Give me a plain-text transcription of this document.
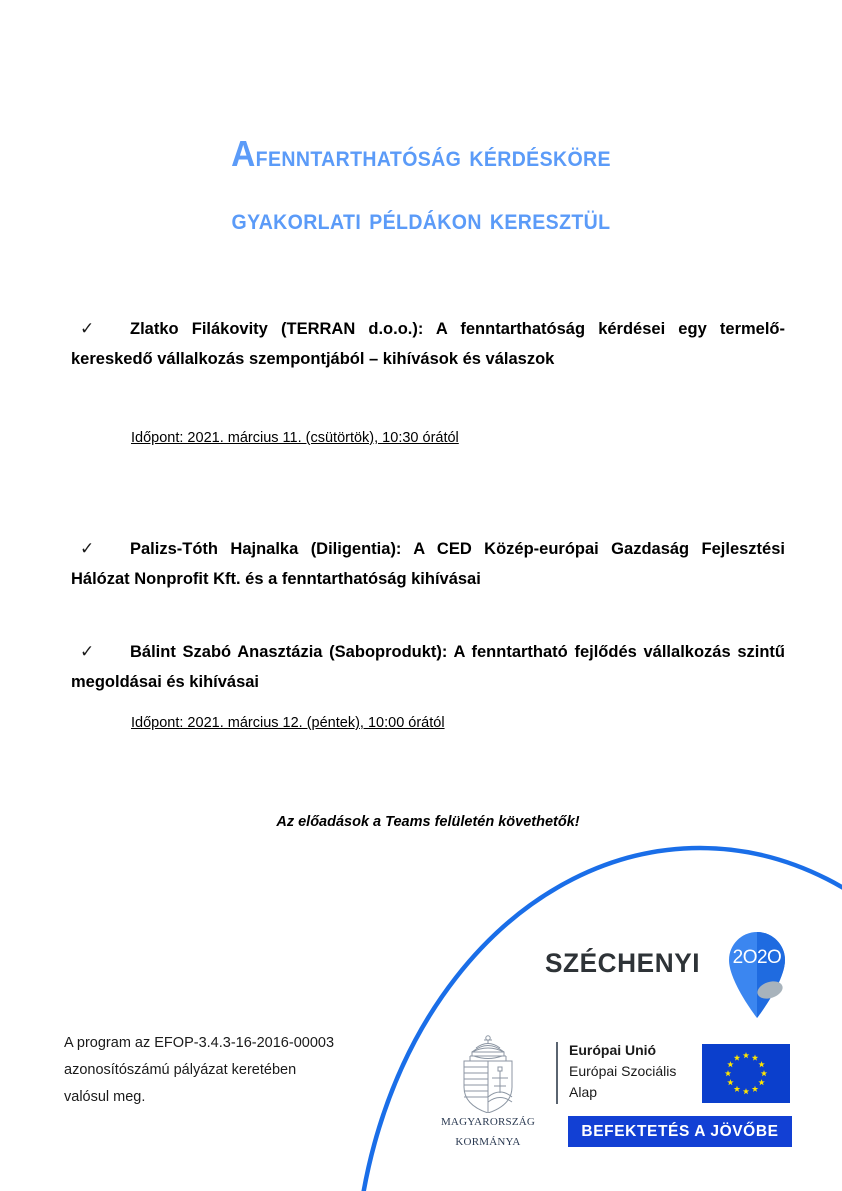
Afenntarthatóság kérdésköre
gyakorlati példákon keresztül
✓	Zlatko Filákovity (TERRAN d.o.o.): A fenntarthatóság kérdései egy termelő-kereskedő vállalkozás szempontjából – kihívások és válaszok

Időpont: 2021. március 11. (csütörtök), 10:30 órától
✓	Palizs-Tóth Hajnalka (Diligentia): A CED Közép-európai Gazdaság Fejlesztési Hálózat Nonprofit Kft. és a fenntarthatóság kihívásai

✓	Bálint Szabó Anasztázia (Saboprodukt): A fenntartható fejlődés vállalkozás szintű megoldásai és kihívásai

Időpont: 2021. március 12. (péntek), 10:00 órától
Az előadások a Teams felületén követhetők!
A program az EFOP-3.4.3-16-2016-00003
azonosítószámú pályázat keretében
valósul meg.
SZÉCHENYI 2O2O
magyarország
kormánya
Európai Unió
Európai Szociális
Alap
BEFEKTETÉS A JÖVŐBE
